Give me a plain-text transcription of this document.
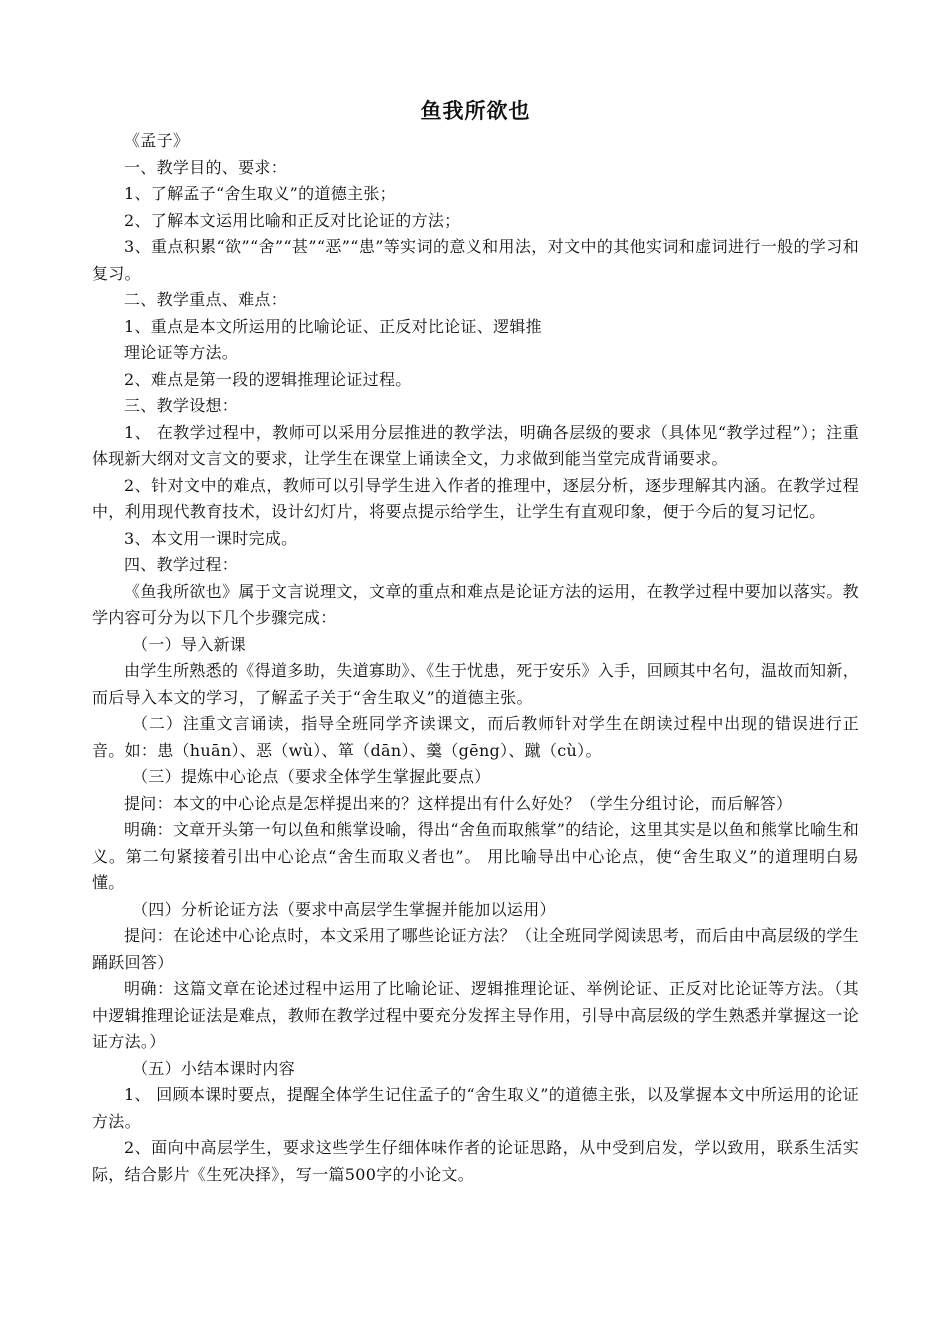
鱼我所欲也

《孟子》

一、教学目的、要求：

1、了解孟子“舍生取义”的道德主张；

2、了解本文运用比喻和正反对比论证的方法；

3、重点积累“欲”“舍”“甚”“恶”“患”等实词的意义和用法，对文中的其他实词和虚词进行一般的学习和复习。

二、教学重点、难点：

1、重点是本文所运用的比喻论证、正反对比论证、逻辑推

理论证等方法。

2、难点是第一段的逻辑推理论证过程。

三、教学设想：

1、 在教学过程中，教师可以采用分层推进的教学法，明确各层级的要求（具体见“教学过程”）；注重体现新大纲对文言文的要求，让学生在课堂上诵读全文，力求做到能当堂完成背诵要求。

2、针对文中的难点，教师可以引导学生进入作者的推理中，逐层分析，逐步理解其内涵。在教学过程中，利用现代教育技术，设计幻灯片，将要点提示给学生，让学生有直观印象，便于今后的复习记忆。

3、本文用一课时完成。

四、教学过程：

《鱼我所欲也》属于文言说理文，文章的重点和难点是论证方法的运用，在教学过程中要加以落实。教学内容可分为以下几个步骤完成：

（一）导入新课

由学生所熟悉的《得道多助，失道寡助》、《生于忧患，死于安乐》入手，回顾其中名句，温故而知新，而后导入本文的学习，了解孟子关于“舍生取义”的道德主张。

（二）注重文言诵读，指导全班同学齐读课文，而后教师针对学生在朗读过程中出现的错误进行正音。如：患（huān）、恶（wù）、箪（dān）、羹（gēng）、蹴（cù）。

（三）提炼中心论点（要求全体学生掌握此要点）

提问：本文的中心论点是怎样提出来的？这样提出有什么好处？（学生分组讨论，而后解答）

明确：文章开头第一句以鱼和熊掌设喻，得出“舍鱼而取熊掌”的结论，这里其实是以鱼和熊掌比喻生和义。第二句紧接着引出中心论点“舍生而取义者也”。 用比喻导出中心论点，使“舍生取义”的道理明白易懂。

（四）分析论证方法（要求中高层学生掌握并能加以运用）

提问：在论述中心论点时，本文采用了哪些论证方法？（让全班同学阅读思考，而后由中高层级的学生踊跃回答）

明确：这篇文章在论述过程中运用了比喻论证、逻辑推理论证、举例论证、正反对比论证等方法。（其中逻辑推理论证法是难点，教师在教学过程中要充分发挥主导作用，引导中高层级的学生熟悉并掌握这一论证方法。）

（五）小结本课时内容

1、 回顾本课时要点，提醒全体学生记住孟子的“舍生取义”的道德主张，以及掌握本文中所运用的论证方法。

2、面向中高层学生，要求这些学生仔细体味作者的论证思路，从中受到启发，学以致用，联系生活实际，结合影片《生死决择》，写一篇500字的小论文。
